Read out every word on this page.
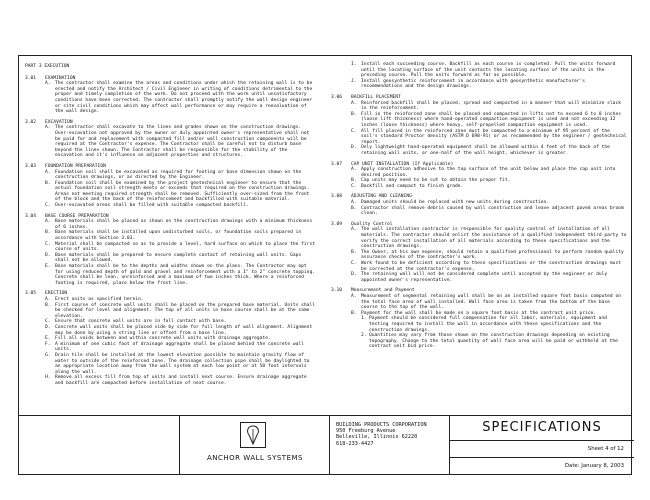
PART 3 EXECUTION
3.01	EXAMINATION
A. The contractor shall examine the areas and conditions under which the retaining wall is to be erected and notify the Architect / Civil Engineer in writing of conditions detrimental to the proper and timely completion of the work. Do not proceed with the work until unsatisfactory conditions have been corrected. The contractor shall promptly notify the wall design engineer or site civil conditions which may affect wall performance or may require a reevaluation of the wall design.
3.02	EXCAVATION
A. The contractor shall excavate to the lines and grades shown on the construction drawings. Over-excavation not approved by the owner or duly appointed owner's representative shall not be paid for and replacement with compacted fill and/or wall construction components will be required at the Contractor's expense. The Contractor shall be careful not to disturb base beyond the lines shown. The Contractor shall be responsible for the stability of the excavation and it's influence on adjacent properties and structures.
3.03	FOUNDATION PREPARATION
A. Foundation soil shall be excavated as required for footing or base dimension shown on the construction drawings, or as directed by the Engineer.
B. Foundation soil shall be examined by the project geotechnical engineer to ensure that the actual foundation soil strength meets or exceeds that required on the construction drawings. Areas not meeting required strength shall be removed. Sufficiently over-sized from the front of the block and the back of the reinforcement and backfilled with suitable material.
C. Over-excavated areas shall be filled with suitable compacted backfill.
3.04	BASE COURSE PREPARATION
A. Base materials shall be placed as shown on the construction drawings with a minimum thickness of 6 inches.
B. Base materials shall be installed upon undisturbed soils, or foundation soils prepared in accordance with Section 3.03.
C. Material shall be compacted so as to provide a level, hard surface on which to place the first course of units.
D. Base materials shall be prepared to ensure complete contact of retaining wall units. Gaps shall not be allowed.
E. Base materials shall be to the depths and widths shown on the plans. The Contractor may opt for using reduced depth of gold and gravel and reinforcement with a 1" to 2" concrete topping. Concrete shall be lean, unreinforced and a maximum of two inches thick. Where a reinforced footing is required, place below the frost line.
3.05	ERECTION
A. Erect units as specified herein.
B. First course of concrete wall units shall be placed on the prepared base material. Units shall be checked for level and alignment. The top of all units in base course shall be at the same elevation.
C. Ensure that concrete wall units are in full contact with base.
D. Concrete wall units shall be placed side by side for full length of wall alignment. Alignment may be done by using a string line or offset from a base line.
E. Fill all voids between and within concrete wall units with drainage aggregate.
F. A minimum of one cubic foot of drainage aggregate shall be placed behind the concrete wall units.
G. Drain tile shall be installed at the lowest elevation possible to maintain gravity flow of water to outside of the reinforced zone. The drainage collection pipe shall be daylighted to an appropriate location away from the wall system at each low point or at 50 foot intervals along the wall.
H. Remove all excess fill from top of units and install next course. Ensure drainage aggregate and backfill are compacted before installation of next course.
I. Install each succeeding course. Backfill as each course is completed. Pull the units forward until the locating surface of the unit contacts the locating surface of the units in the preceding course. Pull the units forward as far as possible.
J. Install geosynthetic reinforcement in accordance with geosynthetic manufacturer's recommendations and the design drawings.
3.06	BACKFILL PLACEMENT
A. Reinforced backfill shall be placed, spread and compacted in a manner that will minimize slack in the reinforcement.
B. Fill in the reinforced zone shall be placed and compacted in lifts not to exceed 6 to 8 inches (loose lift thickness) where hand-operated compaction equipment is used and not exceeding 12 inches (loose thickness) where heavy, self-propelled compaction equipment is used.
C. All fill placed in the reinforced zone must be compacted to a minimum of 95 percent of the soil's standard Proctor density (ASTM D 698-91) or as recommended by the engineer / geotechnical report.
D. Only lightweight hand-operated equipment shall be allowed within 4 feet of the back of the retaining wall units, or one-half of the wall height, whichever is greater.
3.07	CAP UNIT INSTALLATION (If Applicable)
A. Apply construction adhesive to the top surface of the unit below and place the cap unit into desired position.
B. Cap units may need to be cut to obtain the proper fit.
C. Backfill and compact to finish grade.
3.08	ADJUSTING AND CLEANING
A. Damaged units should be replaced with new units during construction.
B. Contractor shall remove debris caused by wall construction and leave adjacent paved areas broom clean.
3.09	Quality Control
A. The wall installation contractor is responsible for quality control of installation of all materials. The contractor should enlist the assistance of a qualified independent third party to verify the correct installation of all materials according to these specifications and the construction drawings.
B. The Owner, at his own expense, should retain a qualified professional to perform random quality assurance checks of the contractor's work.
C. Work found to be deficient according to these specifications or the construction drawings must be corrected at the contractor's expense.
D. The retaining wall will not be considered complete until accepted by the engineer or duly appointed owner's representative.
3.10	Measurement and Payment
A. Measurement of segmental retaining wall shall be on an installed square foot basis computed on the total face area of wall installed. Wall face area is taken from the bottom of the base course to the top of the wall.
B. Payment for the wall shall be made on a square foot basis at the contract unit price.
1. Payment should be considered full compensation for all labor, materials, equipment and testing required to install the wall in accordance with these specifications and the construction drawings.
2. Quantities may vary from those shown on the construction drawings depending on existing topography. Change to the total quantity of wall face area will be paid or withheld at the contract unit bid price.
ANCHOR WALL SYSTEMS
BUILDING PRODUCTS CORPORATION
950 Freeburg Avenue
Belleville, Illinois 62220
618-233-4427
SPECIFICATIONS
Sheet 4 of 12
Date: January 8, 2003
